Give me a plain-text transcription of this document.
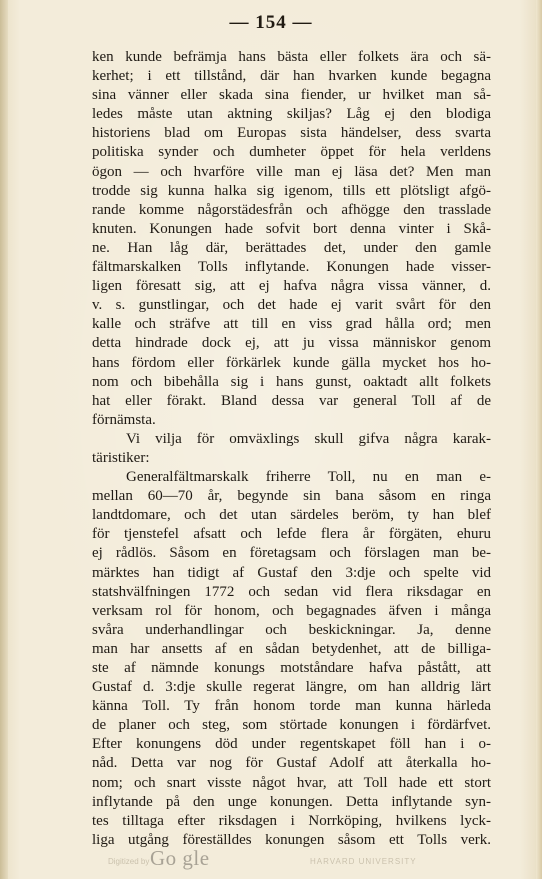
— 154 —
ken kunde befrämja hans bästa eller folkets ära och sä-
kerhet; i ett tillstånd, där han hvarken kunde begagna
sina vänner eller skada sina fiender, ur hvilket man så-
ledes måste utan aktning skiljas? Låg ej den blodiga
historiens blad om Europas sista händelser, dess svarta
politiska synder och dumheter öppet för hela verldens
ögon — och hvarföre ville man ej läsa det? Men man
trodde sig kunna halka sig igenom, tills ett plötsligt afgö-
rande komme någorstädesfrån och afhögge den trasslade
knuten. Konungen hade sofvit bort denna vinter i Skå-
ne. Han låg där, berättades det, under den gamle
fältmarskalken Tolls inflytande. Konungen hade visser-
ligen föresatt sig, att ej hafva några vissa vänner, d.
v. s. gunstlingar, och det hade ej varit svårt för den
kalle och sträfve att till en viss grad hålla ord; men
detta hindrade dock ej, att ju vissa människor genom
hans fördom eller förkärlek kunde gälla mycket hos ho-
nom och bibehålla sig i hans gunst, oaktadt allt folkets
hat eller förakt. Bland dessa var general Toll af de
förnämsta.
Vi vilja för omväxlings skull gifva några karak-
täristiker:
Generalfältmarskalk friherre Toll, nu en man e-
mellan 60—70 år, begynde sin bana såsom en ringa
landtdomare, och det utan särdeles beröm, ty han blef
för tjenstefel afsatt och lefde flera år förgäten, ehuru
ej rådlös. Såsom en företagsam och förslagen man be-
märktes han tidigt af Gustaf den 3:dje och spelte vid
statshvälfningen 1772 och sedan vid flera riksdagar en
verksam rol för honom, och begagnades äfven i många
svåra underhandlingar och beskickningar. Ja, denne
man har ansetts af en sådan betydenhet, att de billiga-
ste af nämnde konungs motståndare hafva påstått, att
Gustaf d. 3:dje skulle regerat längre, om han alldrig lärt
känna Toll. Ty från honom torde man kunna härleda
de planer och steg, som störtade konungen i fördärfvet.
Efter konungens död under regentskapet föll han i o-
nåd. Detta var nog för Gustaf Adolf att återkalla ho-
nom; och snart visste något hvar, att Toll hade ett stort
inflytande på den unge konungen. Detta inflytande syn-
tes tilltaga efter riksdagen i Norrköping, hvilkens lyck-
liga utgång föreställdes konungen såsom ett Tolls verk.
Digitized by Go gle	HARVARD UNIVERSITY
